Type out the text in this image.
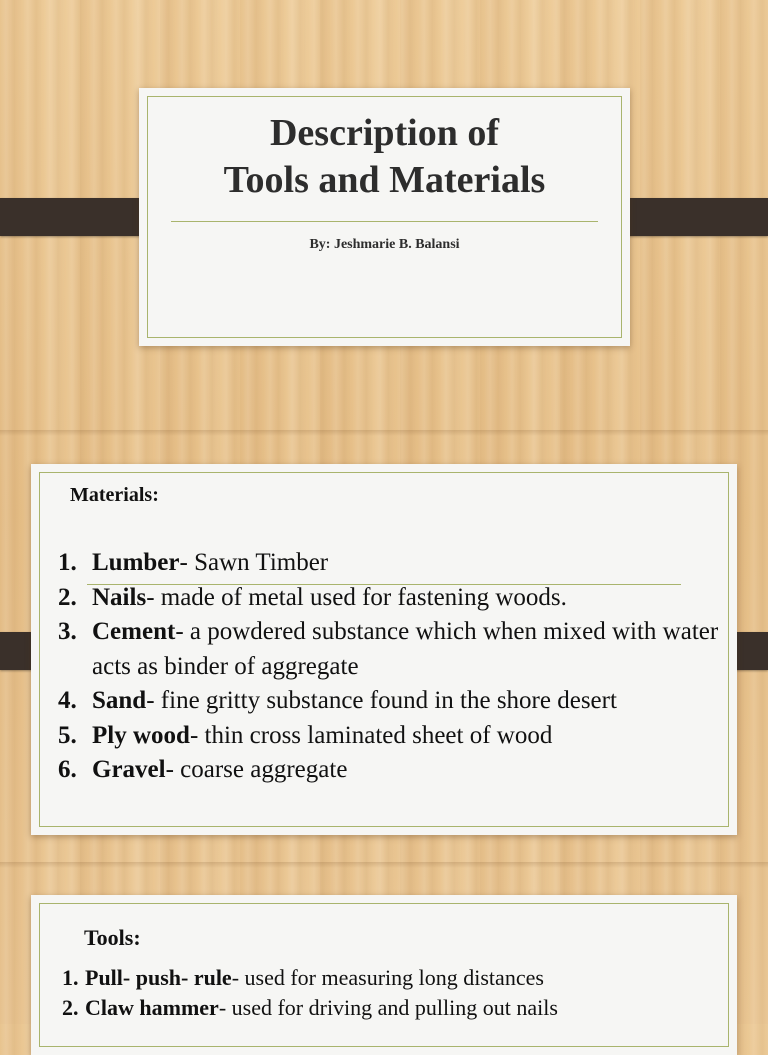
Description of
Tools and Materials
By: Jeshmarie B. Balansi
Materials:
1. Lumber- Sawn Timber
2. Nails- made of metal used for fastening woods.
3. Cement- a powdered substance which when mixed with water acts as binder of aggregate
4. Sand- fine gritty substance found in the shore desert
5. Ply wood- thin cross laminated sheet of wood
6. Gravel- coarse aggregate
Tools:
1. Pull- push- rule- used for measuring long distances
2. Claw hammer- used for driving and pulling out nails
